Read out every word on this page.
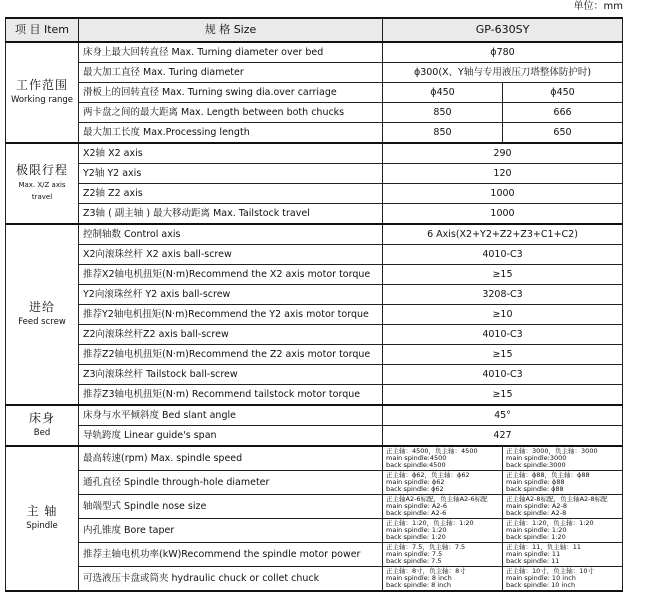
单位：mm
项 目 Item	规 格 Size	GP-630SY	

工作范围
Working range	床身上最大回转直径 Max. Turning diameter over bed	ϕ780	
	最大加工直径 Max. Turing diameter	ϕ300(X、Y轴与专用液压刀塔整体防护时)	
	滑板上的回转直径 Max. Turning swing dia.over carriage	ϕ450	ϕ450
	两卡盘之间的最大距离 Max. Length between both chucks	850	666
	最大加工长度 Max.Processing length	850	650

极限行程
Max. X/Z axis travel	X2轴 X2 axis	290	
	Y2轴 Y2 axis	120	
	Z2轴 Z2 axis	1000	
	Z3轴 ( 副主轴 ) 最大移动距离 Max. Tailstock travel	1000	

进给
Feed screw	控制轴数 Control axis	6 Axis(X2+Y2+Z2+Z3+C1+C2)	
	X2向滚珠丝杆 X2 axis ball-screw	4010-C3	
	推荐X2轴电机扭矩(N·m)Recommend the X2 axis motor torque	≥15	
	Y2向滚珠丝杆 Y2 axis ball-screw	3208-C3	
	推荐Y2轴电机扭矩(N·m)Recommend the Y2 axis motor torque	≥10	
	Z2向滚珠丝杆Z2 axis ball-screw	4010-C3	
	推荐Z2轴电机扭矩(N·m)Recommend the Z2 axis motor torque	≥15	
	Z3向滚珠丝杆 Tailstock ball-screw	4010-C3	
	推荐Z3轴电机扭矩(N·m) Recommend tailstock motor torque	≥15	

床身
Bed	床身与水平倾斜度 Bed slant angle	45°	
	导轨跨度 Linear guide's span	427	

主 轴
Spindle	最高转速(rpm) Max. spindle speed	正主轴：4500，负主轴：4500
main spindle:4500
back spindle:4500	正主轴：3000，负主轴：3000
main spindle:3000
back spindle:3000

	通孔直径 Spindle through-hole diameter	正主轴：ϕ62，负主轴：ϕ62
main spindle: ϕ62
back spindle: ϕ62	正主轴：ϕ88，负主轴：ϕ88
main spindle: ϕ88
back spindle: ϕ88

	轴端型式 Spindle nose size	正主轴A2-6标配，负主轴A2-6标配
main spindle: A2-6
back spindle: A2-6	正主轴A2-8标配，负主轴A2-8标配
main spindle: A2-8
back spindle: A2-8

	内孔锥度 Bore taper	正主轴：1:20，负主轴：1:20
main spindle: 1:20
back spindle: 1:20	正主轴：1:20，负主轴：1:20
main spindle: 1:20
back spindle: 1:20

	推荐主轴电机功率(kW)Recommend the spindle motor power	正主轴：7.5，负主轴：7.5
main spindle: 7.5
back spindle: 7.5	正主轴：11，负主轴：11
main spindle: 11
back spindle: 11

	可选液压卡盘或筒夹 hydraulic chuck or collet chuck	正主轴：8寸，负主轴：8寸
main spindle: 8 inch
back spindle: 8 inch	正主轴：10寸，负主轴：10寸
main spindle: 10 inch
back spindle: 10 inch
